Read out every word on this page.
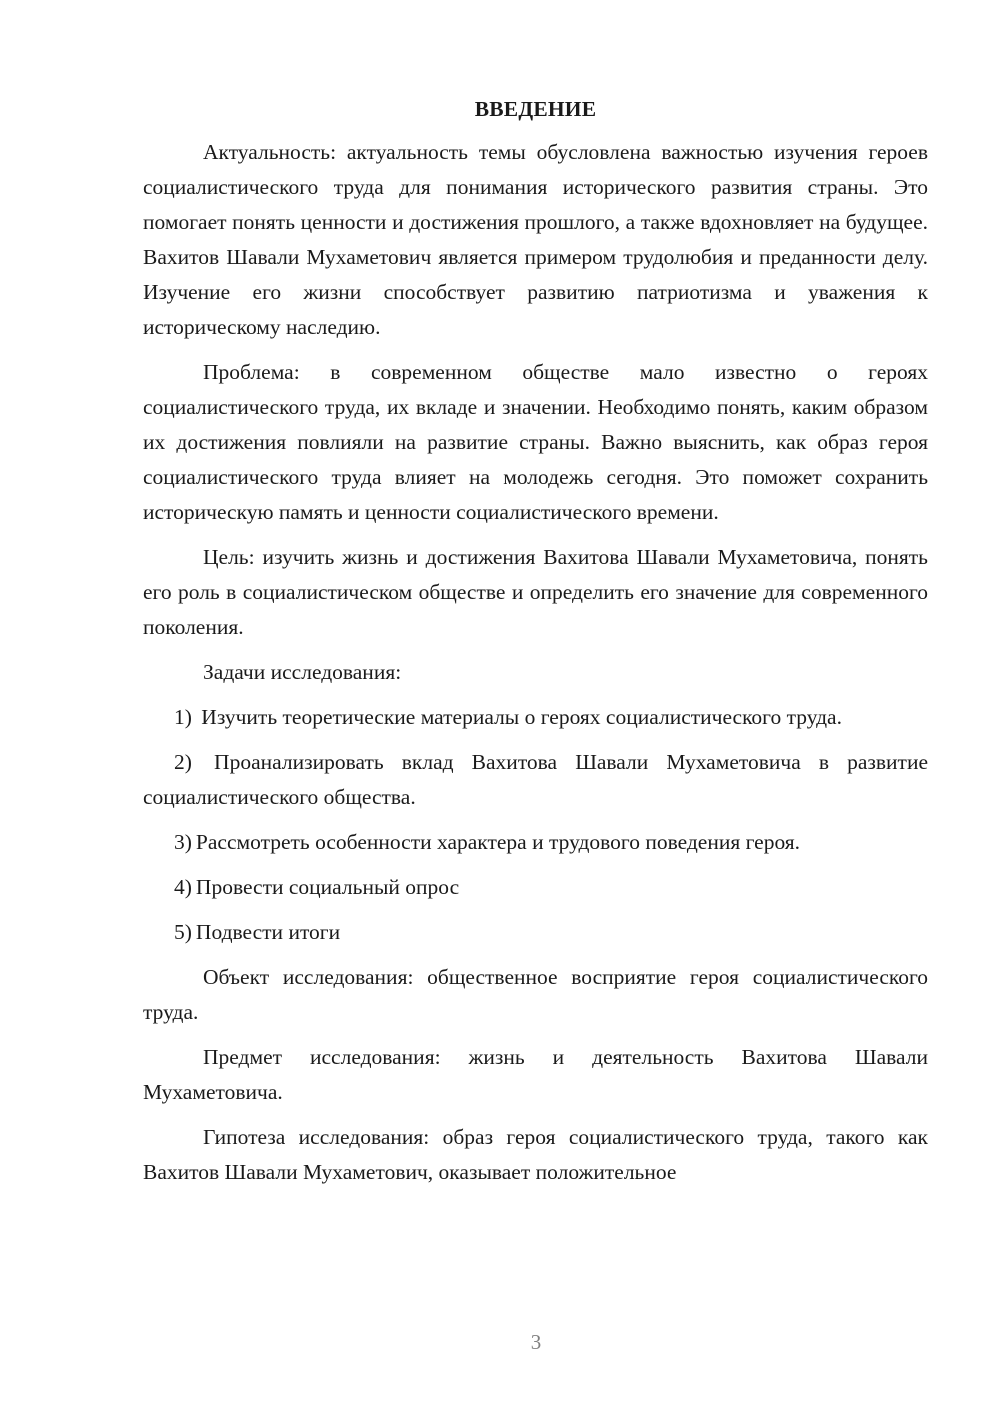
ВВЕДЕНИЕ

Актуальность: актуальность темы обусловлена важностью изучения героев социалистического труда для понимания исторического развития страны. Это помогает понять ценности и достижения прошлого, а также вдохновляет на будущее. Вахитов Шавали Мухаметович является примером трудолюбия и преданности делу. Изучение его жизни способствует развитию патриотизма и уважения к историческому наследию.

Проблема: в современном обществе мало известно о героях социалистического труда, их вкладе и значении. Необходимо понять, каким образом их достижения повлияли на развитие страны. Важно выяснить, как образ героя социалистического труда влияет на молодежь сегодня. Это поможет сохранить историческую память и ценности социалистического времени.

Цель: изучить жизнь и достижения Вахитова Шавали Мухаметовича, понять его роль в социалистическом обществе и определить его значение для современного поколения.

Задачи исследования:

1) Изучить теоретические материалы о героях социалистического труда.

2) Проанализировать вклад Вахитова Шавали Мухаметовича в развитие социалистического общества.

3) Рассмотреть особенности характера и трудового поведения героя.

4) Провести социальный опрос

5) Подвести итоги

Объект исследования: общественное восприятие героя социалистического труда.

Предмет исследования: жизнь и деятельность Вахитова Шавали Мухаметовича.

Гипотеза исследования: образ героя социалистического труда, такого как Вахитов Шавали Мухаметович, оказывает положительное

3
